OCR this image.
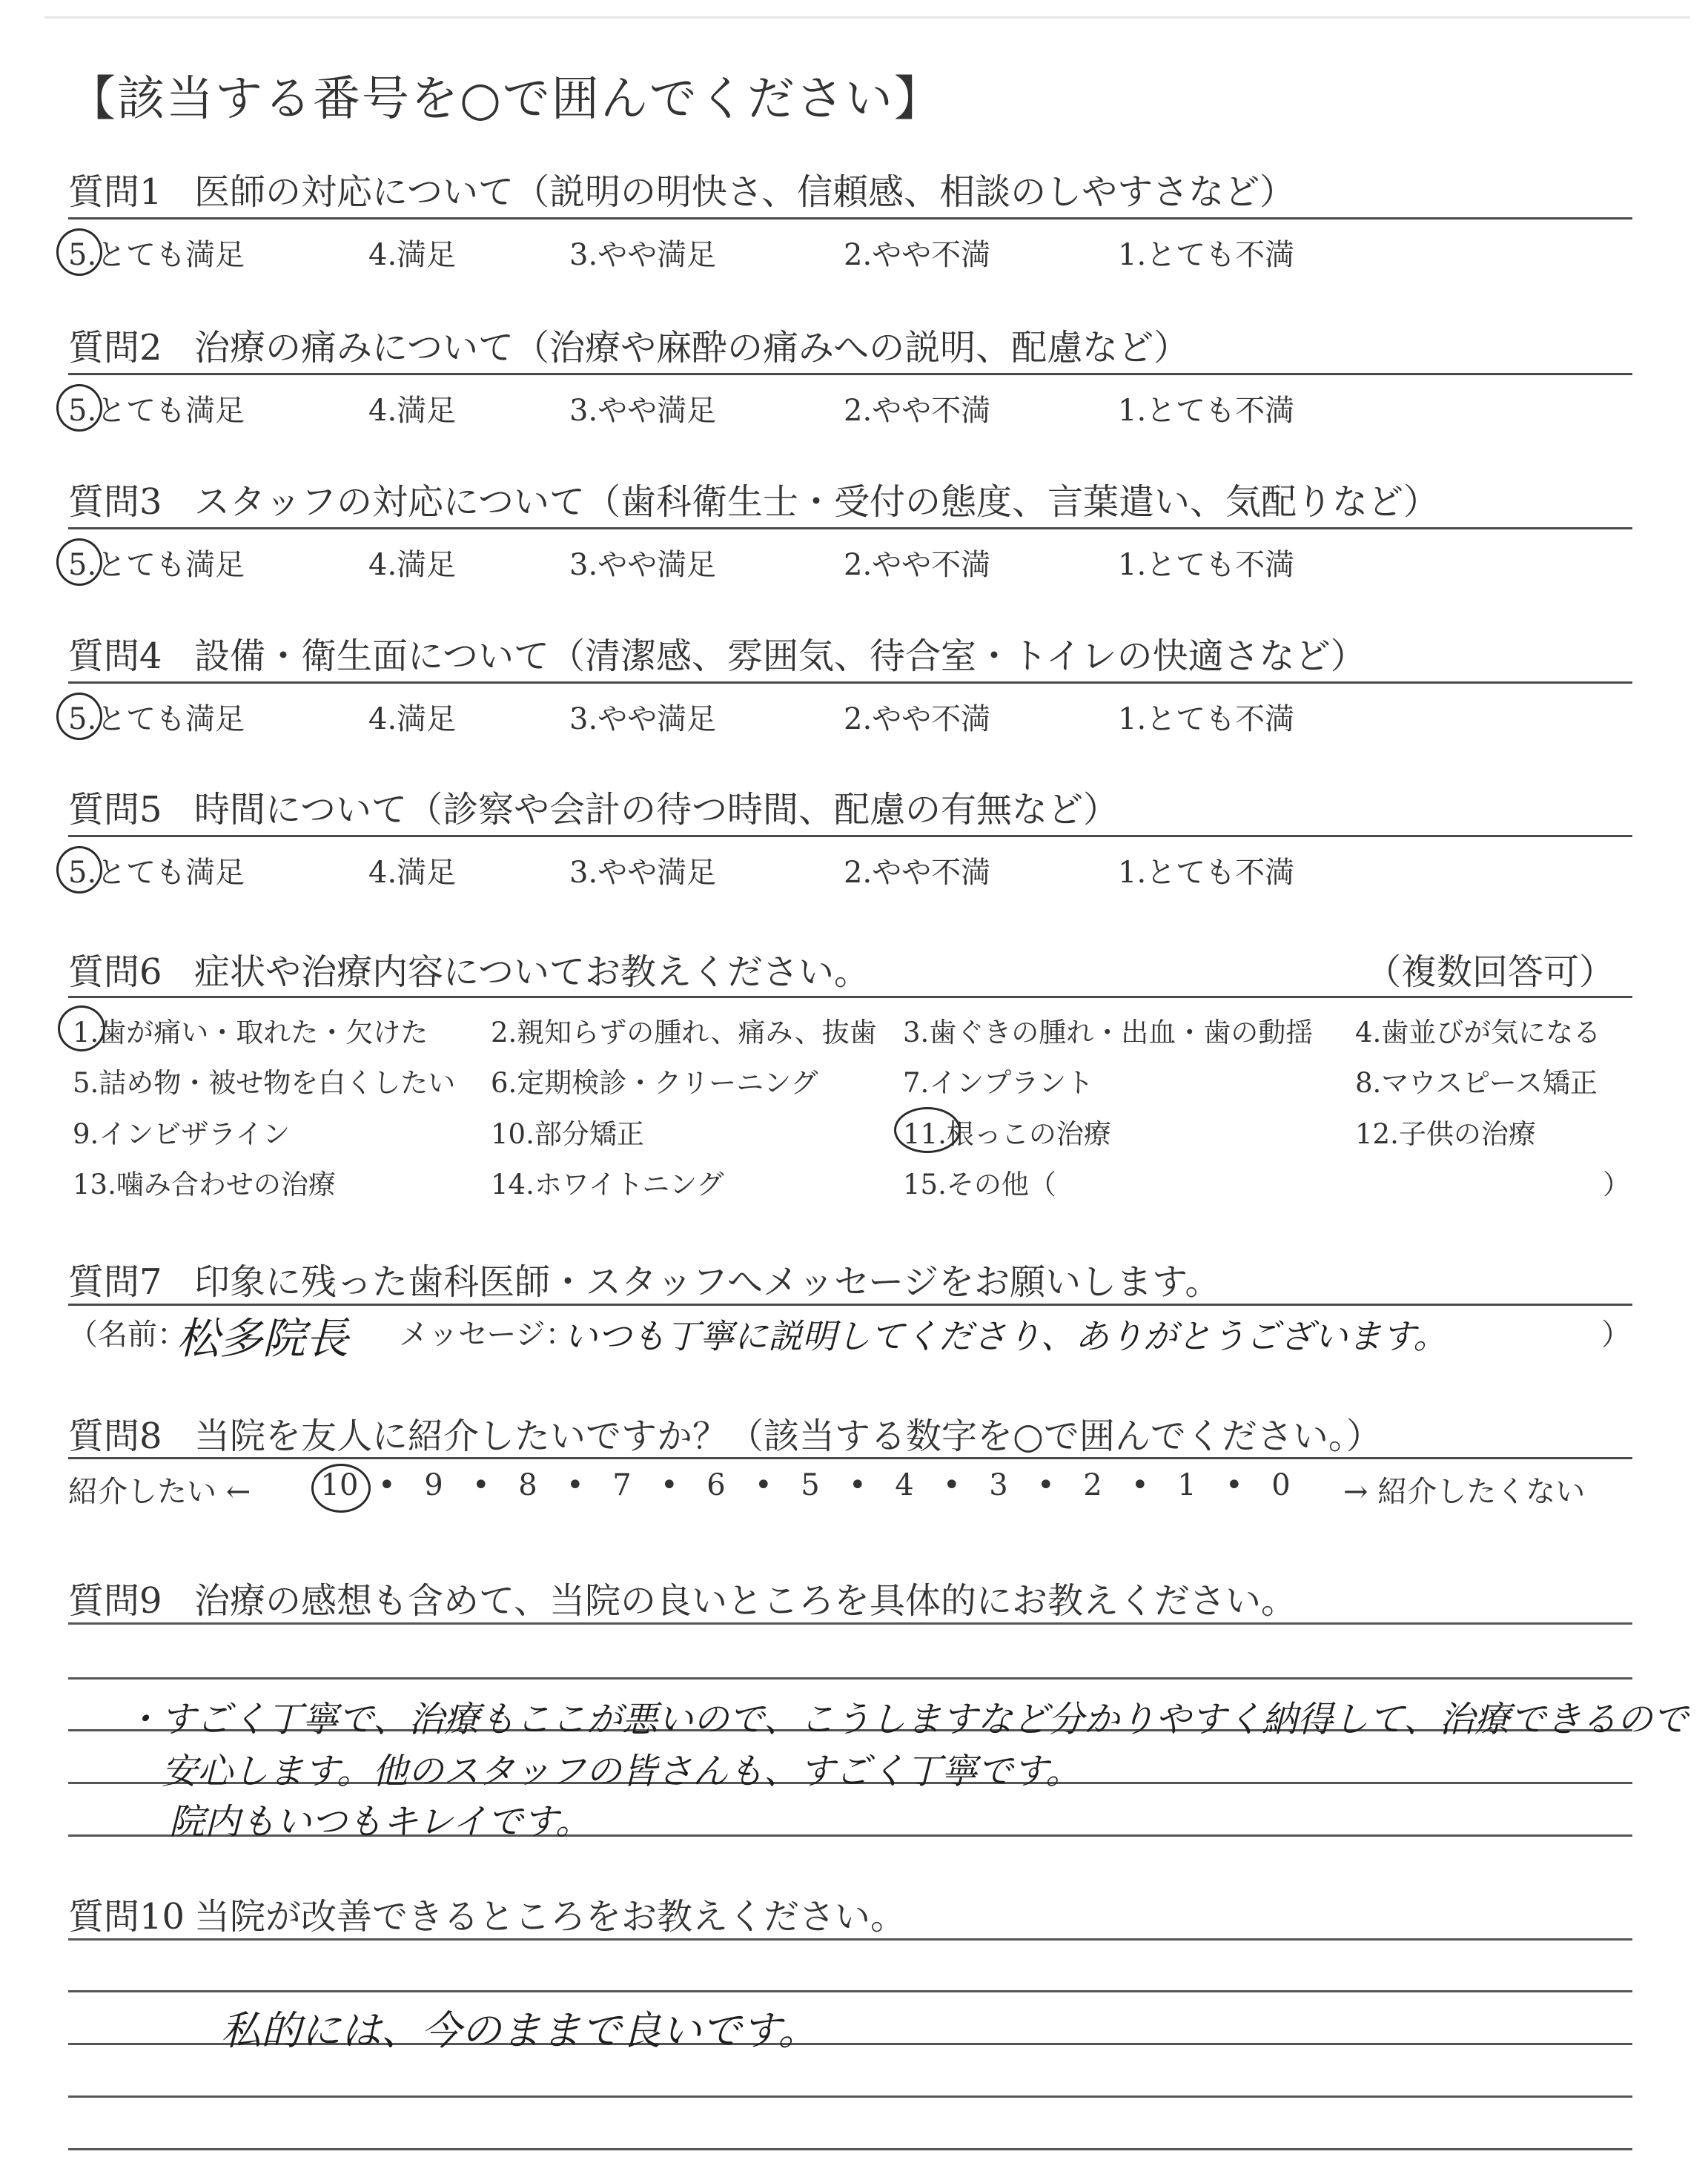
【該当する番号を○で囲んでください】
質問1 医師の対応について（説明の明快さ、信頼感、相談のしやすさなど）
5.とても満足	4.満足	3.やや満足	2.やや不満	1.とても不満
質問2 治療の痛みについて（治療や麻酔の痛みへの説明、配慮など）
5.とても満足	4.満足	3.やや満足	2.やや不満	1.とても不満
質問3 スタッフの対応について（歯科衛生士・受付の態度、言葉遣い、気配りなど）
5.とても満足	4.満足	3.やや満足	2.やや不満	1.とても不満
質問4 設備・衛生面について（清潔感、雰囲気、待合室・トイレの快適さなど）
5.とても満足	4.満足	3.やや満足	2.やや不満	1.とても不満
質問5 時間について（診察や会計の待つ時間、配慮の有無など）
5.とても満足	4.満足	3.やや満足	2.やや不満	1.とても不満
質問6 症状や治療内容についてお教えください。	（複数回答可）
1.歯が痛い・取れた・欠けた 2.親知らずの腫れ、痛み、抜歯 3.歯ぐきの腫れ・出血・歯の動揺 4.歯並びが気になる
5.詰め物・被せ物を白くしたい 6.定期検診・クリーニング	7.インプラント	8.マウスピース矯正
9.インビザライン	10.部分矯正	11.根っこの治療	12.子供の治療
13.噛み合わせの治療	14.ホワイトニング	15.その他（	）
質問7 印象に残った歯科医師・スタッフへメッセージをお願いします。
（名前：
松多院長 メッセージ：
いつも丁寧に説明してくださり、ありがとうございます。	）
質問8 当院を友人に紹介したいですか？（該当する数字を○で囲んでください。）
紹介したい ← 10 • 9 • 8 • 7 • 6 • 5 • 4 • 3 • 2 • 1 • 0	→ 紹介したくない
質問9 治療の感想も含めて、当院の良いところを具体的にお教えください。
・すごく丁寧で、治療もここが悪いので、こうしますなど分かりやすく納得して、治療できるので
安心します。他のスタッフの皆さんも、すごく丁寧です。
院内もいつもキレイです。
質問10 当院が改善できるところをお教えください。
私的には、今のままで良いです。
